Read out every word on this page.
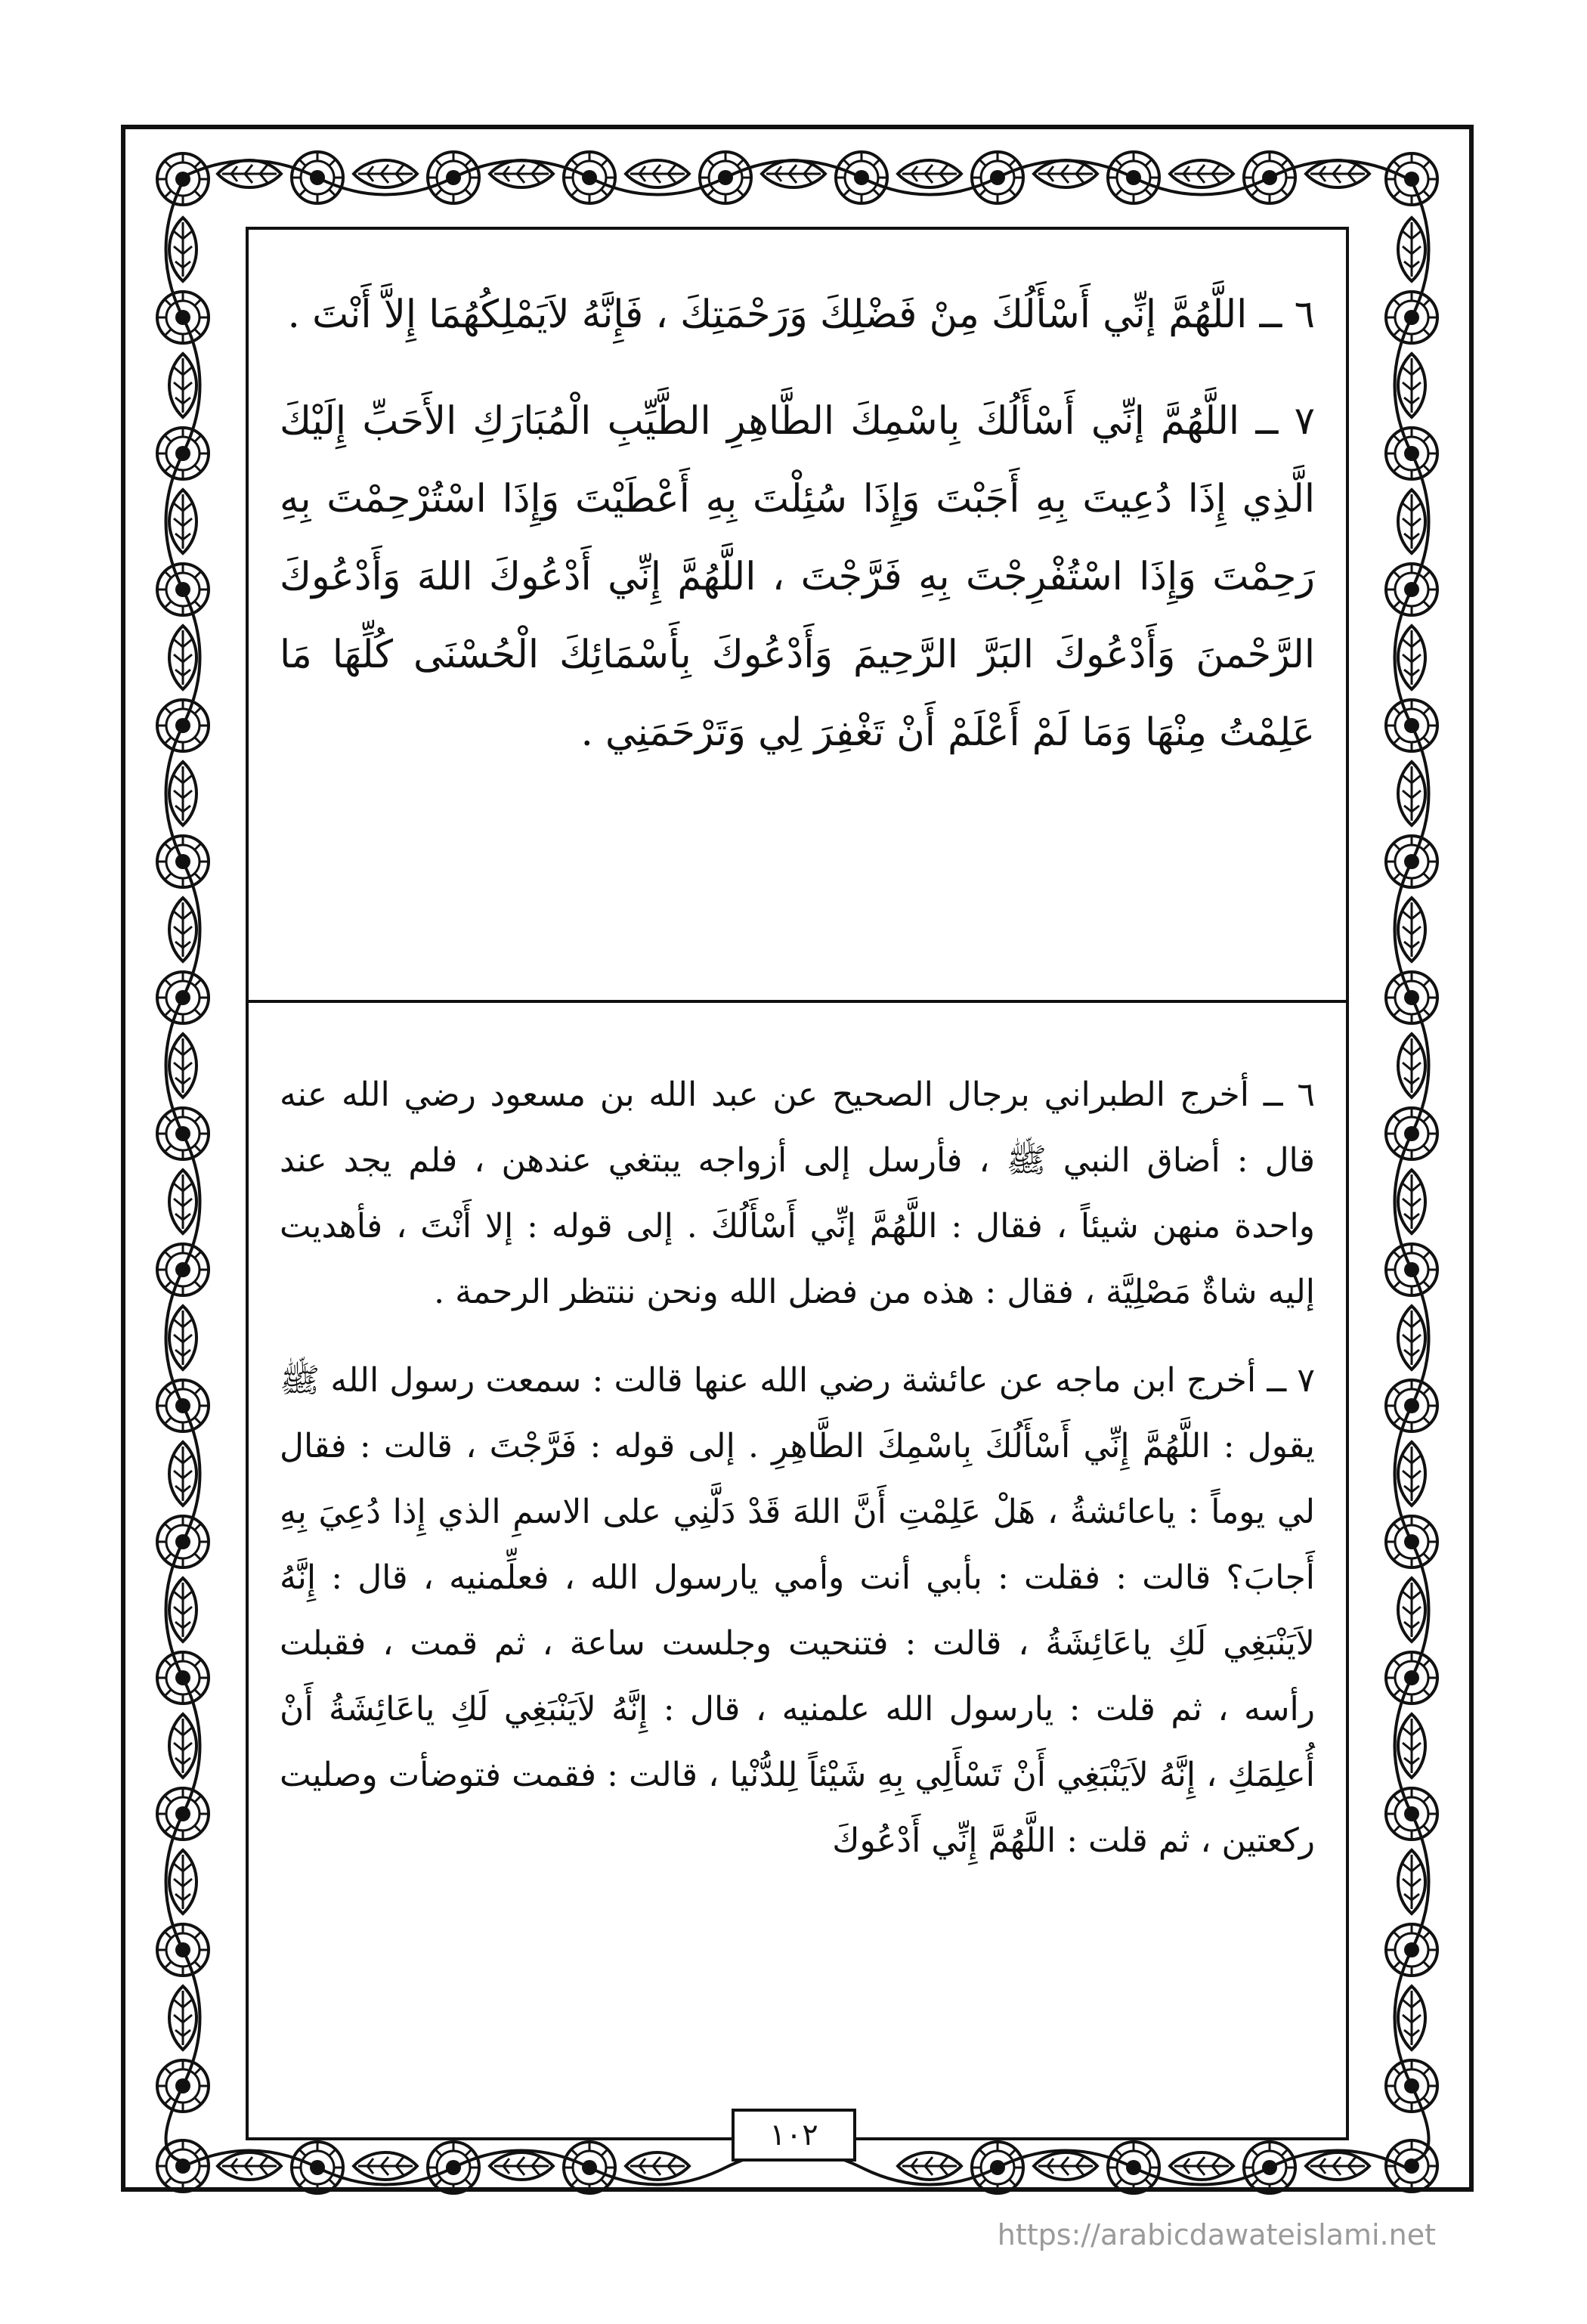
٦ ــ اللَّهُمَّ إنِّي أَسْأَلُكَ مِنْ فَضْلِكَ وَرَحْمَتِكَ ، فَإِنَّهُ لاَيَمْلِكُهُمَا إِلاَّ أَنْتَ .

٧ ــ اللَّهُمَّ إنِّي أَسْأَلُكَ بِاسْمِكَ الطَّاهِرِ الطَّيِّبِ الْمُبَارَكِ الأَحَبِّ إِلَيْكَ الَّذِي إِذَا دُعِيتَ بِهِ أَجَبْتَ وَإِذَا سُئِلْتَ بِهِ أَعْطَيْتَ وَإِذَا اسْتُرْحِمْتَ بِهِ رَحِمْتَ وَإِذَا اسْتُفْرِجْتَ بِهِ فَرَّجْتَ ، اللَّهُمَّ إِنِّي أَدْعُوكَ اللهَ وَأَدْعُوكَ الرَّحْمنَ وَأَدْعُوكَ البَرَّ الرَّحِيمَ وَأَدْعُوكَ بِأَسْمَائِكَ الْحُسْنَى كُلِّهَا مَا عَلِمْتُ مِنْهَا وَمَا لَمْ أَعْلَمْ أَنْ تَغْفِرَ لِي وَتَرْحَمَنِي .

٦ ــ أخرج الطبراني برجال الصحيح عن عبد الله بن مسعود رضي الله عنه قال : أضاق النبي ﷺ ، فأرسل إلى أزواجه يبتغي عندهن ، فلم يجد عند واحدة منهن شيئاً ، فقال : اللَّهُمَّ إنِّي أَسْأَلُكَ . إلى قوله : إلا أَنْتَ ، فأهديت إليه شاةٌ مَصْلِيَّة ، فقال : هذه من فضل الله ونحن ننتظر الرحمة .

٧ ــ أخرج ابن ماجه عن عائشة رضي الله عنها قالت : سمعت رسول الله ﷺ يقول : اللَّهُمَّ إِنِّي أَسْأَلُكَ بِاسْمِكَ الطَّاهِرِ . إلى قوله : فَرَّجْتَ ، قالت : فقال لي يوماً : ياعائشةُ ، هَلْ عَلِمْتِ أَنَّ اللهَ قَدْ دَلَّنِي على الاسمِ الذي إِذا دُعِيَ بِهِ أَجابَ؟ قالت : فقلت : بأبي أنت وأمي يارسول الله ، فعلِّمنيه ، قال : إِنَّهُ لاَيَنْبَغِي لَكِ ياعَائِشَةُ ، قالت : فتنحيت وجلست ساعة ، ثم قمت ، فقبلت رأسه ، ثم قلت : يارسول الله علمنيه ، قال : إِنَّهُ لاَيَنْبَغِي لَكِ ياعَائِشَةُ أَنْ أُعلِمَكِ ، إِنَّهُ لاَيَنْبَغِي أَنْ تَسْأَلِي بِهِ شَيْئاً لِلدُّنْيا ، قالت : فقمت فتوضأت وصليت ركعتين ، ثم قلت : اللَّهُمَّ إِنِّي أَدْعُوكَ

١٠٢
https://arabicdawateislami.net
